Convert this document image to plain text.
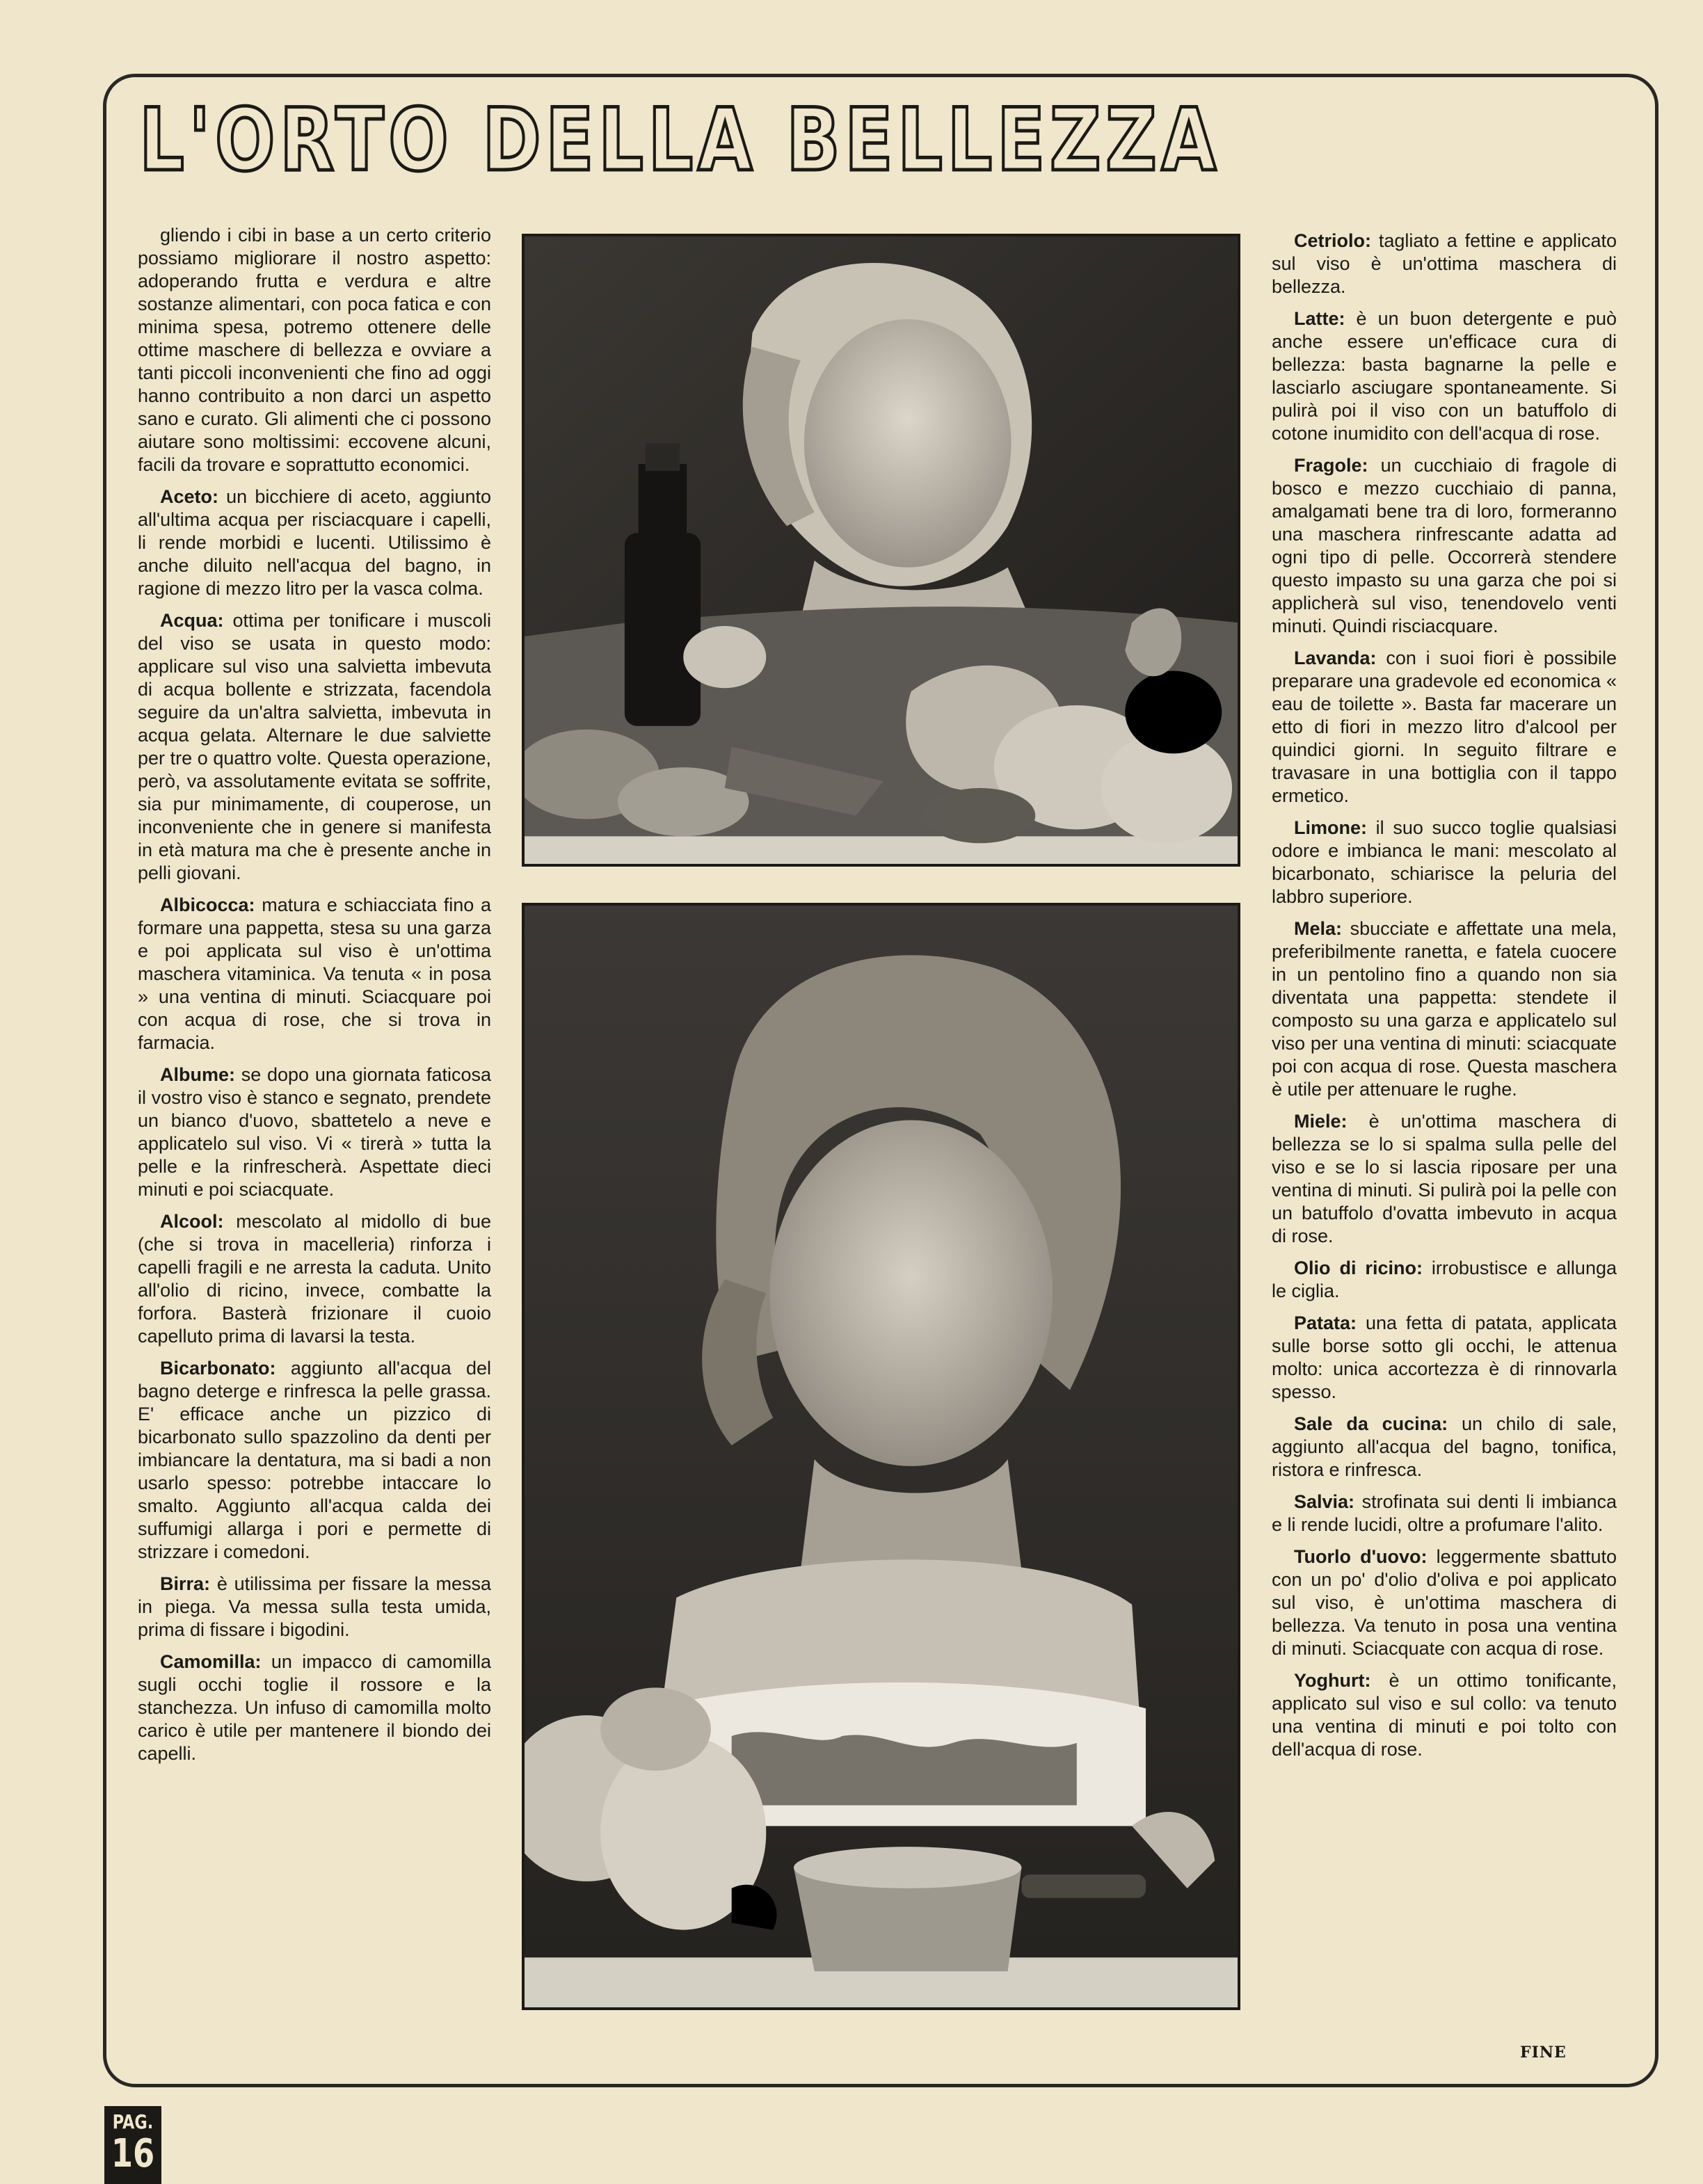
L'ORTO DELLA BELLEZZA

gliendo i cibi in base a un certo criterio possiamo migliorare il nostro aspetto: adoperando frutta e verdura e altre sostanze alimentari, con poca fatica e con minima spesa, potremo ottenere delle ottime maschere di bellezza e ovviare a tanti piccoli inconvenienti che fino ad oggi hanno contribuito a non darci un aspetto sano e curato. Gli alimenti che ci possono aiutare sono moltissimi: eccovene alcuni, facili da trovare e soprattutto economici.

Aceto: un bicchiere di aceto, aggiunto all'ultima acqua per risciacquare i capelli, li rende morbidi e lucenti. Utilissimo è anche diluito nell'acqua del bagno, in ragione di mezzo litro per la vasca colma.

Acqua: ottima per tonificare i muscoli del viso se usata in questo modo: applicare sul viso una salvietta imbevuta di acqua bollente e strizzata, facendola seguire da un'altra salvietta, imbevuta in acqua gelata. Alternare le due salviette per tre o quattro volte. Questa operazione, però, va assolutamente evitata se soffrite, sia pur minimamente, di couperose, un inconveniente che in genere si manifesta in età matura ma che è presente anche in pelli giovani.

Albicocca: matura e schiacciata fino a formare una pappetta, stesa su una garza e poi applicata sul viso è un'ottima maschera vitaminica. Va tenuta « in posa » una ventina di minuti. Sciacquare poi con acqua di rose, che si trova in farmacia.

Albume: se dopo una giornata faticosa il vostro viso è stanco e segnato, prendete un bianco d'uovo, sbattetelo a neve e applicatelo sul viso. Vi « tirerà » tutta la pelle e la rinfrescherà. Aspettate dieci minuti e poi sciacquate.

Alcool: mescolato al midollo di bue (che si trova in macelleria) rinforza i capelli fragili e ne arresta la caduta. Unito all'olio di ricino, invece, combatte la forfora. Basterà frizionare il cuoio capelluto prima di lavarsi la testa.

Bicarbonato: aggiunto all'acqua del bagno deterge e rinfresca la pelle grassa. E' efficace anche un pizzico di bicarbonato sullo spazzolino da denti per imbiancare la dentatura, ma si badi a non usarlo spesso: potrebbe intaccare lo smalto. Aggiunto all'acqua calda dei suffumigi allarga i pori e permette di strizzare i comedoni.

Birra: è utilissima per fissare la messa in piega. Va messa sulla testa umida, prima di fissare i bigodini.

Camomilla: un impacco di camomilla sugli occhi toglie il rossore e la stanchezza. Un infuso di camomilla molto carico è utile per mantenere il biondo dei capelli.

Cetriolo: tagliato a fettine e applicato sul viso è un'ottima maschera di bellezza.

Latte: è un buon detergente e può anche essere un'efficace cura di bellezza: basta bagnarne la pelle e lasciarlo asciugare spontaneamente. Si pulirà poi il viso con un batuffolo di cotone inumidito con dell'acqua di rose.

Fragole: un cucchiaio di fragole di bosco e mezzo cucchiaio di panna, amalgamati bene tra di loro, formeranno una maschera rinfrescante adatta ad ogni tipo di pelle. Occorrerà stendere questo impasto su una garza che poi si applicherà sul viso, tenendovelo venti minuti. Quindi risciacquare.

Lavanda: con i suoi fiori è possibile preparare una gradevole ed economica « eau de toilette ». Basta far macerare un etto di fiori in mezzo litro d'alcool per quindici giorni. In seguito filtrare e travasare in una bottiglia con il tappo ermetico.

Limone: il suo succo toglie qualsiasi odore e imbianca le mani: mescolato al bicarbonato, schiarisce la peluria del labbro superiore.

Mela: sbucciate e affettate una mela, preferibilmente ranetta, e fatela cuocere in un pentolino fino a quando non sia diventata una pappetta: stendete il composto su una garza e applicatelo sul viso per una ventina di minuti: sciacquate poi con acqua di rose. Questa maschera è utile per attenuare le rughe.

Miele: è un'ottima maschera di bellezza se lo si spalma sulla pelle del viso e se lo si lascia riposare per una ventina di minuti. Si pulirà poi la pelle con un batuffolo d'ovatta imbevuto in acqua di rose.

Olio di ricino: irrobustisce e allunga le ciglia.

Patata: una fetta di patata, applicata sulle borse sotto gli occhi, le attenua molto: unica accortezza è di rinnovarla spesso.

Sale da cucina: un chilo di sale, aggiunto all'acqua del bagno, tonifica, ristora e rinfresca.

Salvia: strofinata sui denti li imbianca e li rende lucidi, oltre a profumare l'alito.

Tuorlo d'uovo: leggermente sbattuto con un po' d'olio d'oliva e poi applicato sul viso, è un'ottima maschera di bellezza. Va tenuto in posa una ventina di minuti. Sciacquate con acqua di rose.

Yoghurt: è un ottimo tonificante, applicato sul viso e sul collo: va tenuto una ventina di minuti e poi tolto con dell'acqua di rose.

FINE
PAG.
16
